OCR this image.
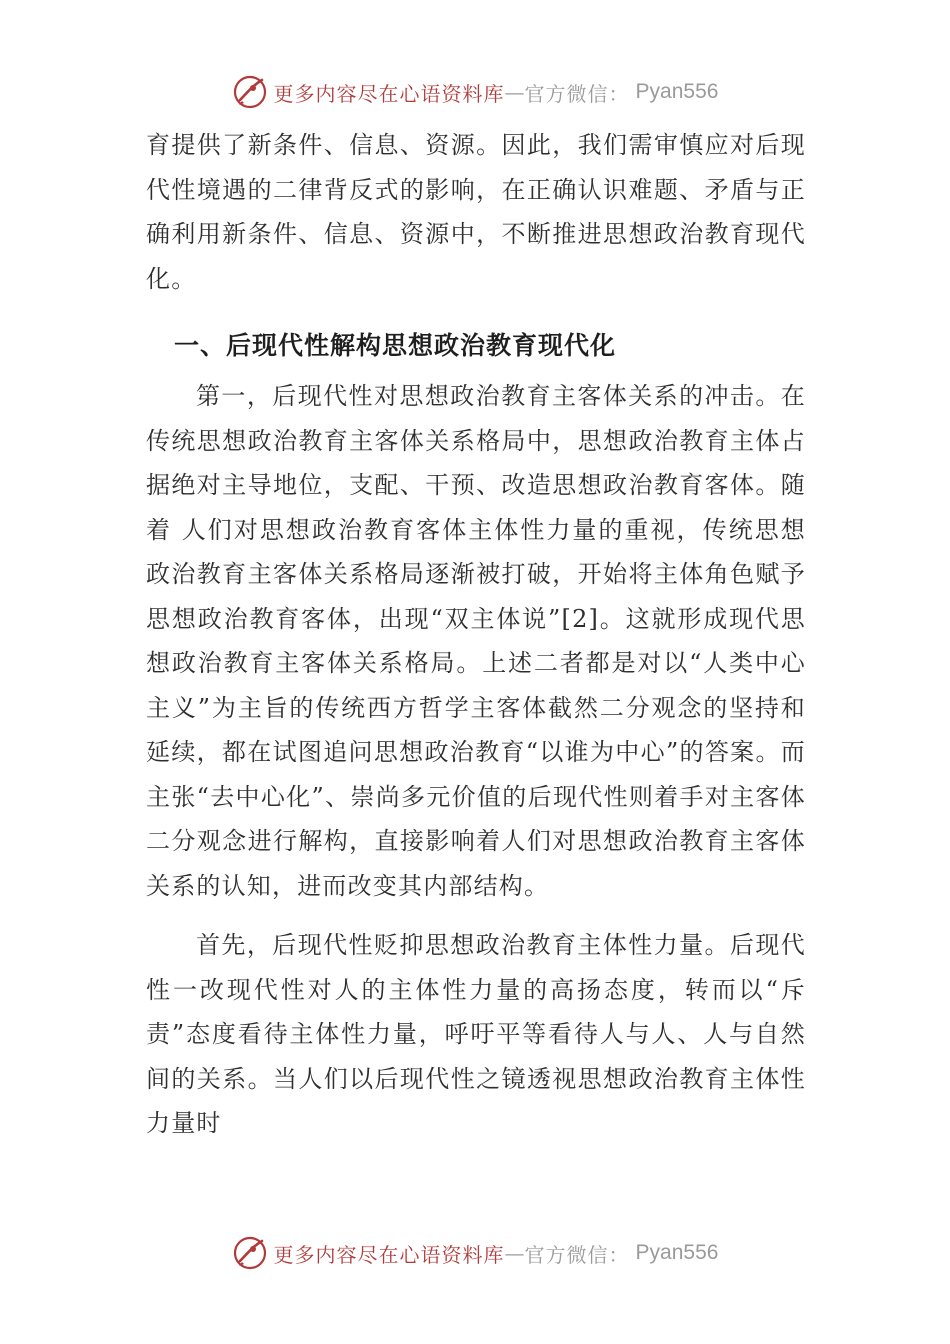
更多内容尽在心语资料库 — 官方微信： Pyan556

育提供了新条件、信息、资源。因此，我们需审慎应对后现代性境遇的二律背反式的影响，在正确认识难题、矛盾与正确利用新条件、信息、资源中，不断推进思想政治教育现代化。

一、后现代性解构思想政治教育现代化

第一，后现代性对思想政治教育主客体关系的冲击。在传统思想政治教育主客体关系格局中，思想政治教育主体占据绝对主导地位，支配、干预、改造思想政治教育客体。随着 人们对思想政治教育客体主体性力量的重视，传统思想政治教育主客体关系格局逐渐被打破，开始将主体角色赋予思想政治教育客体，出现“双主体说”[2]。这就形成现代思想政治教育主客体关系格局。上述二者都是对以“人类中心主义”为主旨的传统西方哲学主客体截然二分观念的坚持和延续，都在试图追问思想政治教育“以谁为中心”的答案。而主张“去中心化”、崇尚多元价值的后现代性则着手对主客体二分观念进行解构，直接影响着人们对思想政治教育主客体关系的认知，进而改变其内部结构。

首先，后现代性贬抑思想政治教育主体性力量。后现代性一改现代性对人的主体性力量的高扬态度，转而以“斥责”态度看待主体性力量，呼吁平等看待人与人、人与自然间的关系。当人们以后现代性之镜透视思想政治教育主体性力量时

更多内容尽在心语资料库 — 官方微信： Pyan556
